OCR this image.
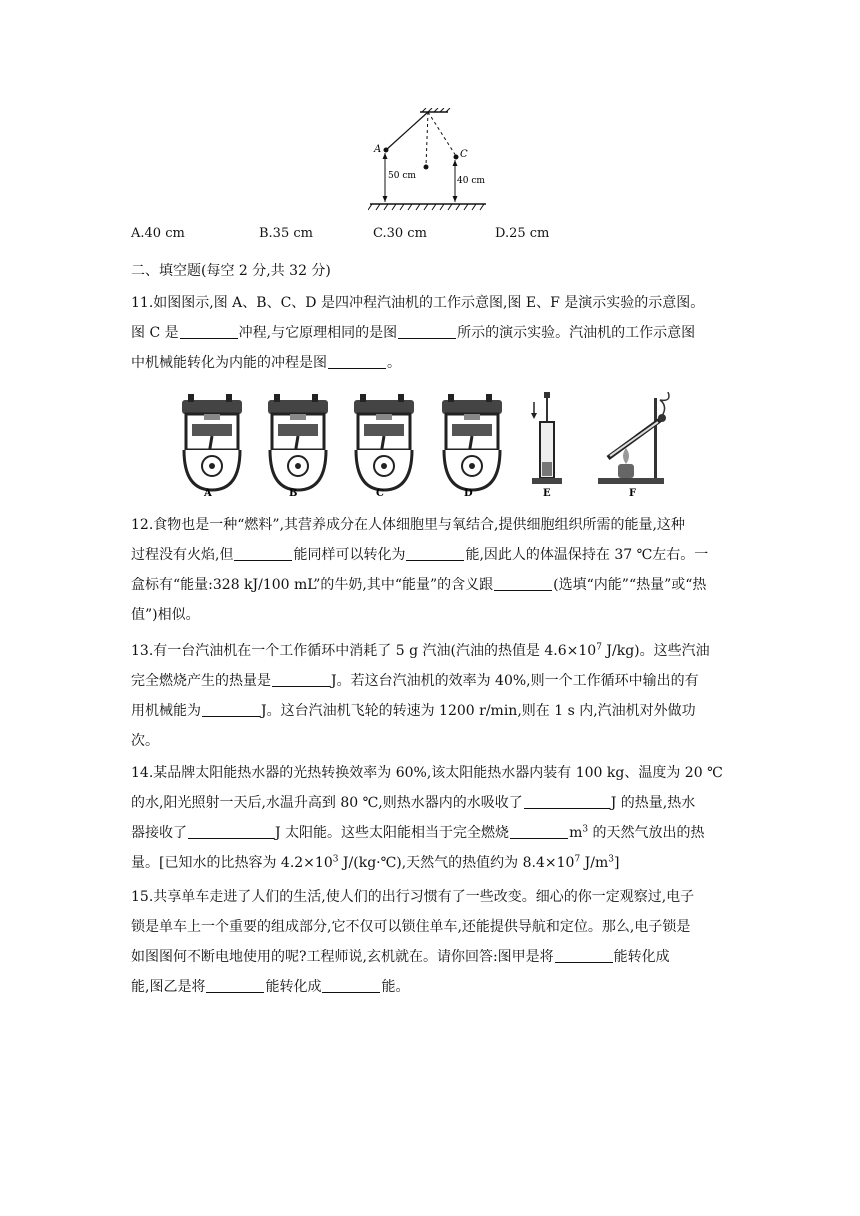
A	C
50 cm	40 cm
A.40 cm	B.35 cm	C.30 cm	D.25 cm
二、填空题(每空 2 分,共 32 分)
11.如图图示,图 A、B、C、D 是四冲程汽油机的工作示意图,图 E、F 是演示实验的示意图。
图 C 是	冲程,与它原理相同的是图	所示的演示实验。汽油机的工作示意图
中机械能转化为内能的冲程是图	。
A	B	C	D	E	F
12.食物也是一种“燃料”,其营养成分在人体细胞里与氧结合,提供细胞组织所需的能量,这种
过程没有火焰,但	能同样可以转化为	能,因此人的体温保持在 37 ℃左右。一
盒标有“能量:328 kJ/100 mL”的牛奶,其中“能量”的含义跟	(选填“内能”“热量”或“热
值”)相似。
13.有一台汽油机在一个工作循环中消耗了 5 g 汽油(汽油的热值是 $4.6\times 10^7$ J/kg)。这些汽油
完全燃烧产生的热量是	J。若这台汽油机的效率为 40%,则一个工作循环中输出的有
用机械能为	J。这台汽油机飞轮的转速为 1200 r/min,则在 1 s 内,汽油机对外做功
次。
14.某品牌太阳能热水器的光热转换效率为 60%,该太阳能热水器内装有 100 kg、温度为 20 ℃
的水,阳光照射一天后,水温升高到 80 ℃,则热水器内的水吸收了	J 的热量,热水
器接收了	J 太阳能。这些太阳能相当于完全燃烧	$m^3$ 的天然气放出的热
量。[已知水的比热容为 $4.2\times 10^3$ J/(kg·℃),天然气的热值约为 $8.4\times 10^7$ $J/m^3$]
15.共享单车走进了人们的生活,使人们的出行习惯有了一些改变。细心的你一定观察过,电子
锁是单车上一个重要的组成部分,它不仅可以锁住单车,还能提供导航和定位。那么,电子锁是
如图图何不断电地使用的呢?工程师说,玄机就在。请你回答:图甲是将	能转化成
能,图乙是将	能转化成	能。
